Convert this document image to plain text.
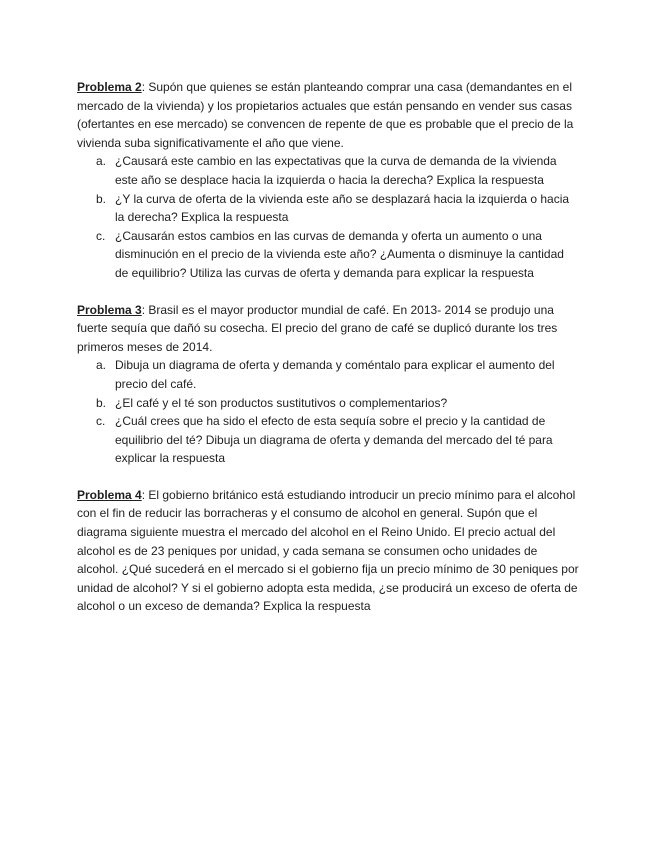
Problema 2: Supón que quienes se están planteando comprar una casa (demandantes en el mercado de la vivienda) y los propietarios actuales que están pensando en vender sus casas (ofertantes en ese mercado) se convencen de repente de que es probable que el precio de la vivienda suba significativamente el año que viene.

a. ¿Causará este cambio en las expectativas que la curva de demanda de la vivienda este año se desplace hacia la izquierda o hacia la derecha? Explica la respuesta
b. ¿Y la curva de oferta de la vivienda este año se desplazará hacia la izquierda o hacia la derecha? Explica la respuesta
c. ¿Causarán estos cambios en las curvas de demanda y oferta un aumento o una disminución en el precio de la vivienda este año? ¿Aumenta o disminuye la cantidad de equilibrio? Utiliza las curvas de oferta y demanda para explicar la respuesta

Problema 3: Brasil es el mayor productor mundial de café. En 2013- 2014 se produjo una fuerte sequía que dañó su cosecha. El precio del grano de café se duplicó durante los tres primeros meses de 2014.

a. Dibuja un diagrama de oferta y demanda y coméntalo para explicar el aumento del precio del café.
b. ¿El café y el té son productos sustitutivos o complementarios?
c. ¿Cuál crees que ha sido el efecto de esta sequía sobre el precio y la cantidad de equilibrio del té? Dibuja un diagrama de oferta y demanda del mercado del té para explicar la respuesta

Problema 4: El gobierno británico está estudiando introducir un precio mínimo para el alcohol con el fin de reducir las borracheras y el consumo de alcohol en general. Supón que el diagrama siguiente muestra el mercado del alcohol en el Reino Unido. El precio actual del alcohol es de 23 peniques por unidad, y cada semana se consumen ocho unidades de alcohol. ¿Qué sucederá en el mercado si el gobierno fija un precio mínimo de 30 peniques por unidad de alcohol? Y si el gobierno adopta esta medida, ¿se producirá un exceso de oferta de alcohol o un exceso de demanda? Explica la respuesta
